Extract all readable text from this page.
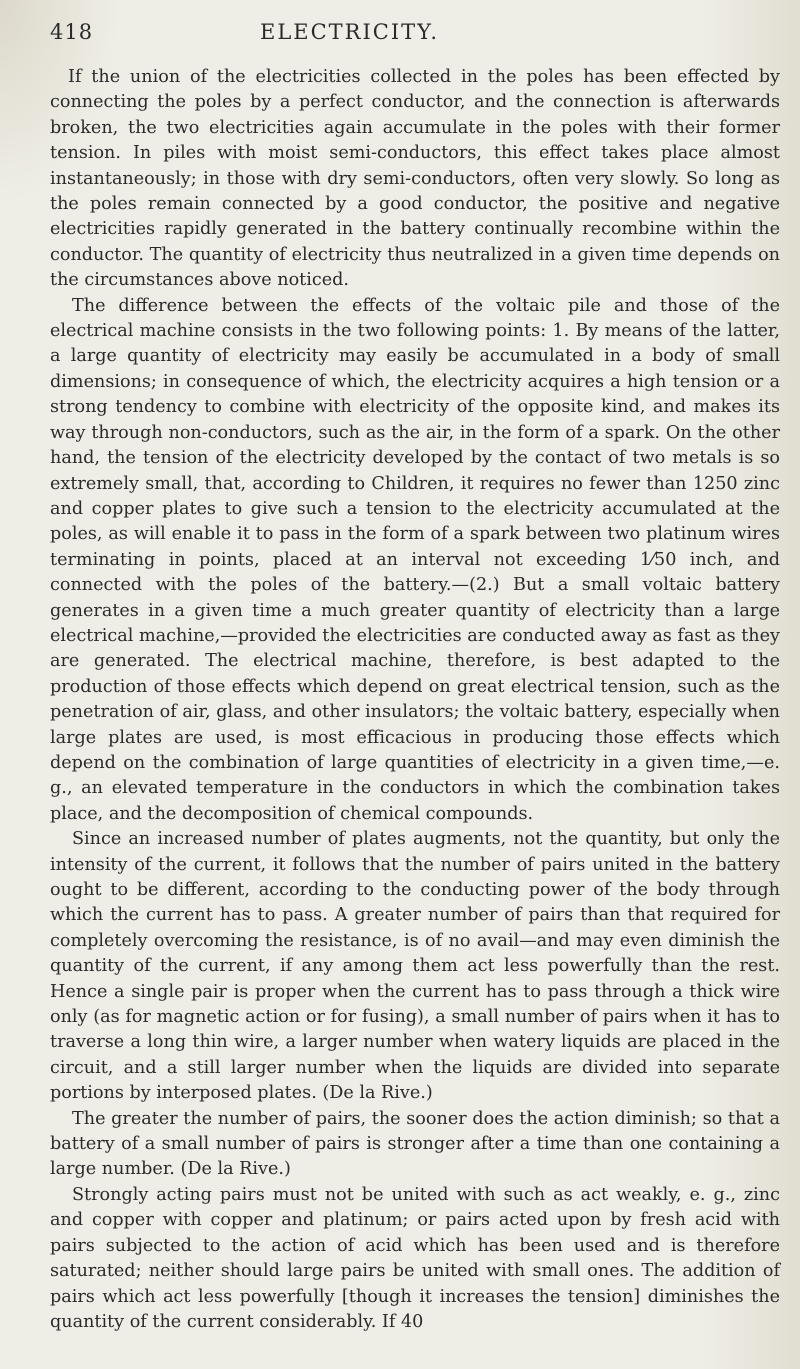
418	ELECTRICITY.

If the union of the electricities collected in the poles has been effected by connecting the poles by a perfect conductor, and the connection is afterwards broken, the two electricities again accumulate in the poles with their former tension. In piles with moist semi-conductors, this effect takes place almost instantaneously; in those with dry semi-conductors, often very slowly. So long as the poles remain connected by a good conductor, the positive and negative electricities rapidly generated in the battery continually recombine within the conductor. The quantity of electricity thus neutralized in a given time depends on the circumstances above noticed.

The difference between the effects of the voltaic pile and those of the electrical machine consists in the two following points: 1. By means of the latter, a large quantity of electricity may easily be accumulated in a body of small dimensions; in consequence of which, the electricity acquires a high tension or a strong tendency to combine with electricity of the opposite kind, and makes its way through non-conductors, such as the air, in the form of a spark. On the other hand, the tension of the electricity developed by the contact of two metals is so extremely small, that, according to Children, it requires no fewer than 1250 zinc and copper plates to give such a tension to the electricity accumulated at the poles, as will enable it to pass in the form of a spark between two platinum wires terminating in points, placed at an interval not exceeding 1⁄50 inch, and connected with the poles of the battery.—(2.) But a small voltaic battery generates in a given time a much greater quantity of electricity than a large electrical machine,—provided the electricities are conducted away as fast as they are generated. The electrical machine, therefore, is best adapted to the production of those effects which depend on great electrical tension, such as the penetration of air, glass, and other insulators; the voltaic battery, especially when large plates are used, is most efficacious in producing those effects which depend on the combination of large quantities of electricity in a given time,—e. g., an elevated temperature in the conductors in which the combination takes place, and the decomposition of chemical compounds.

Since an increased number of plates augments, not the quantity, but only the intensity of the current, it follows that the number of pairs united in the battery ought to be different, according to the conducting power of the body through which the current has to pass. A greater number of pairs than that required for completely overcoming the resistance, is of no avail—and may even diminish the quantity of the current, if any among them act less powerfully than the rest. Hence a single pair is proper when the current has to pass through a thick wire only (as for magnetic action or for fusing), a small number of pairs when it has to traverse a long thin wire, a larger number when watery liquids are placed in the circuit, and a still larger number when the liquids are divided into separate portions by interposed plates. (De la Rive.)

The greater the number of pairs, the sooner does the action diminish; so that a battery of a small number of pairs is stronger after a time than one containing a large number. (De la Rive.)

Strongly acting pairs must not be united with such as act weakly, e. g., zinc and copper with copper and platinum; or pairs acted upon by fresh acid with pairs subjected to the action of acid which has been used and is therefore saturated; neither should large pairs be united with small ones. The addition of pairs which act less powerfully [though it increases the tension] diminishes the quantity of the current considerably. If 40
